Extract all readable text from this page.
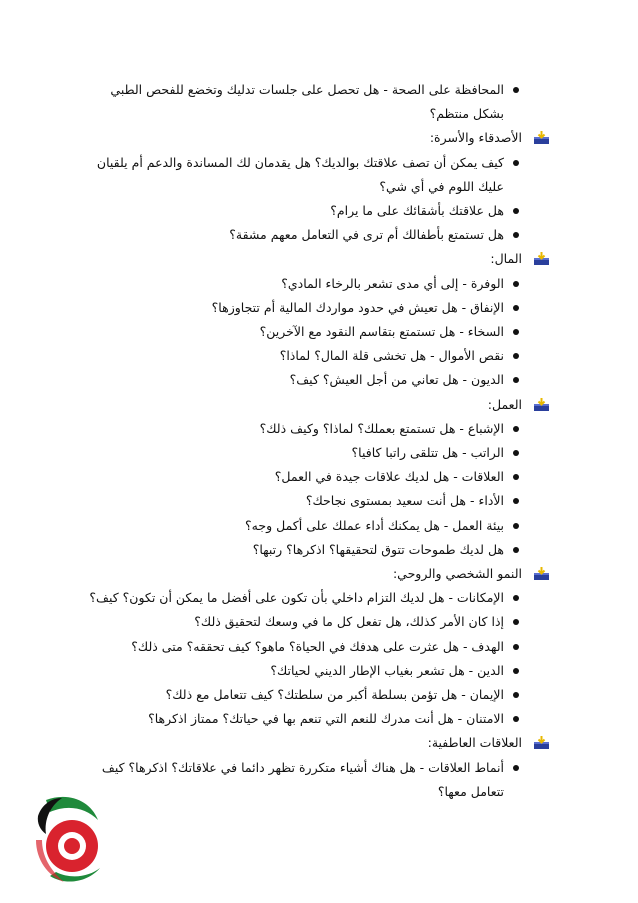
المحافظة على الصحة - هل تحصل على جلسات تدليك وتخضع للفحص الطبي بشكل منتظم؟
الأصدقاء والأسرة:
كيف يمكن أن تصف علاقتك بوالديك؟ هل يقدمان لك المساندة والدعم أم يلقيان عليك اللوم في أي شي؟
هل علاقتك بأشقائك على ما يرام؟
هل تستمتع بأطفالك أم ترى في التعامل معهم مشقة؟
المال:
الوفرة - إلى أي مدى تشعر بالرخاء المادي؟
الإنفاق - هل تعيش في حدود مواردك المالية أم تتجاوزها؟
السخاء - هل تستمتع بتقاسم النقود مع الآخرين؟
نقص الأموال - هل تخشى قلة المال؟ لماذا؟
الديون - هل تعاني من أجل العيش؟ كيف؟
العمل:
الإشباع - هل تستمتع بعملك؟ لماذا؟ وكيف ذلك؟
الراتب - هل تتلقى راتبا كافيا؟
العلاقات - هل لديك علاقات جيدة في العمل؟
الأداء - هل أنت سعيد بمستوى نجاحك؟
بيئة العمل - هل يمكنك أداء عملك على أكمل وجه؟
هل لديك طموحات تتوق لتحقيقها؟ اذكرها؟ رتبها؟
النمو الشخصي والروحي:
الإمكانات - هل لديك التزام داخلي بأن تكون على أفضل ما يمكن أن تكون؟ كيف؟
إذا كان الأمر كذلك، هل تفعل كل ما في وسعك لتحقيق ذلك؟
الهدف - هل عثرت على هدفك في الحياة؟ ماهو؟ كيف تحققه؟ متى ذلك؟
الدين - هل تشعر بغياب الإطار الديني لحياتك؟
الإيمان - هل تؤمن بسلطة أكبر من سلطتك؟ كيف تتعامل مع ذلك؟
الامتنان - هل أنت مدرك للنعم التي تنعم بها في حياتك؟ ممتاز اذكرها؟
العلاقات العاطفية:
أنماط العلاقات - هل هناك أشياء متكررة تظهر دائما في علاقاتك؟ اذكرها؟ كيف تتعامل معها؟
